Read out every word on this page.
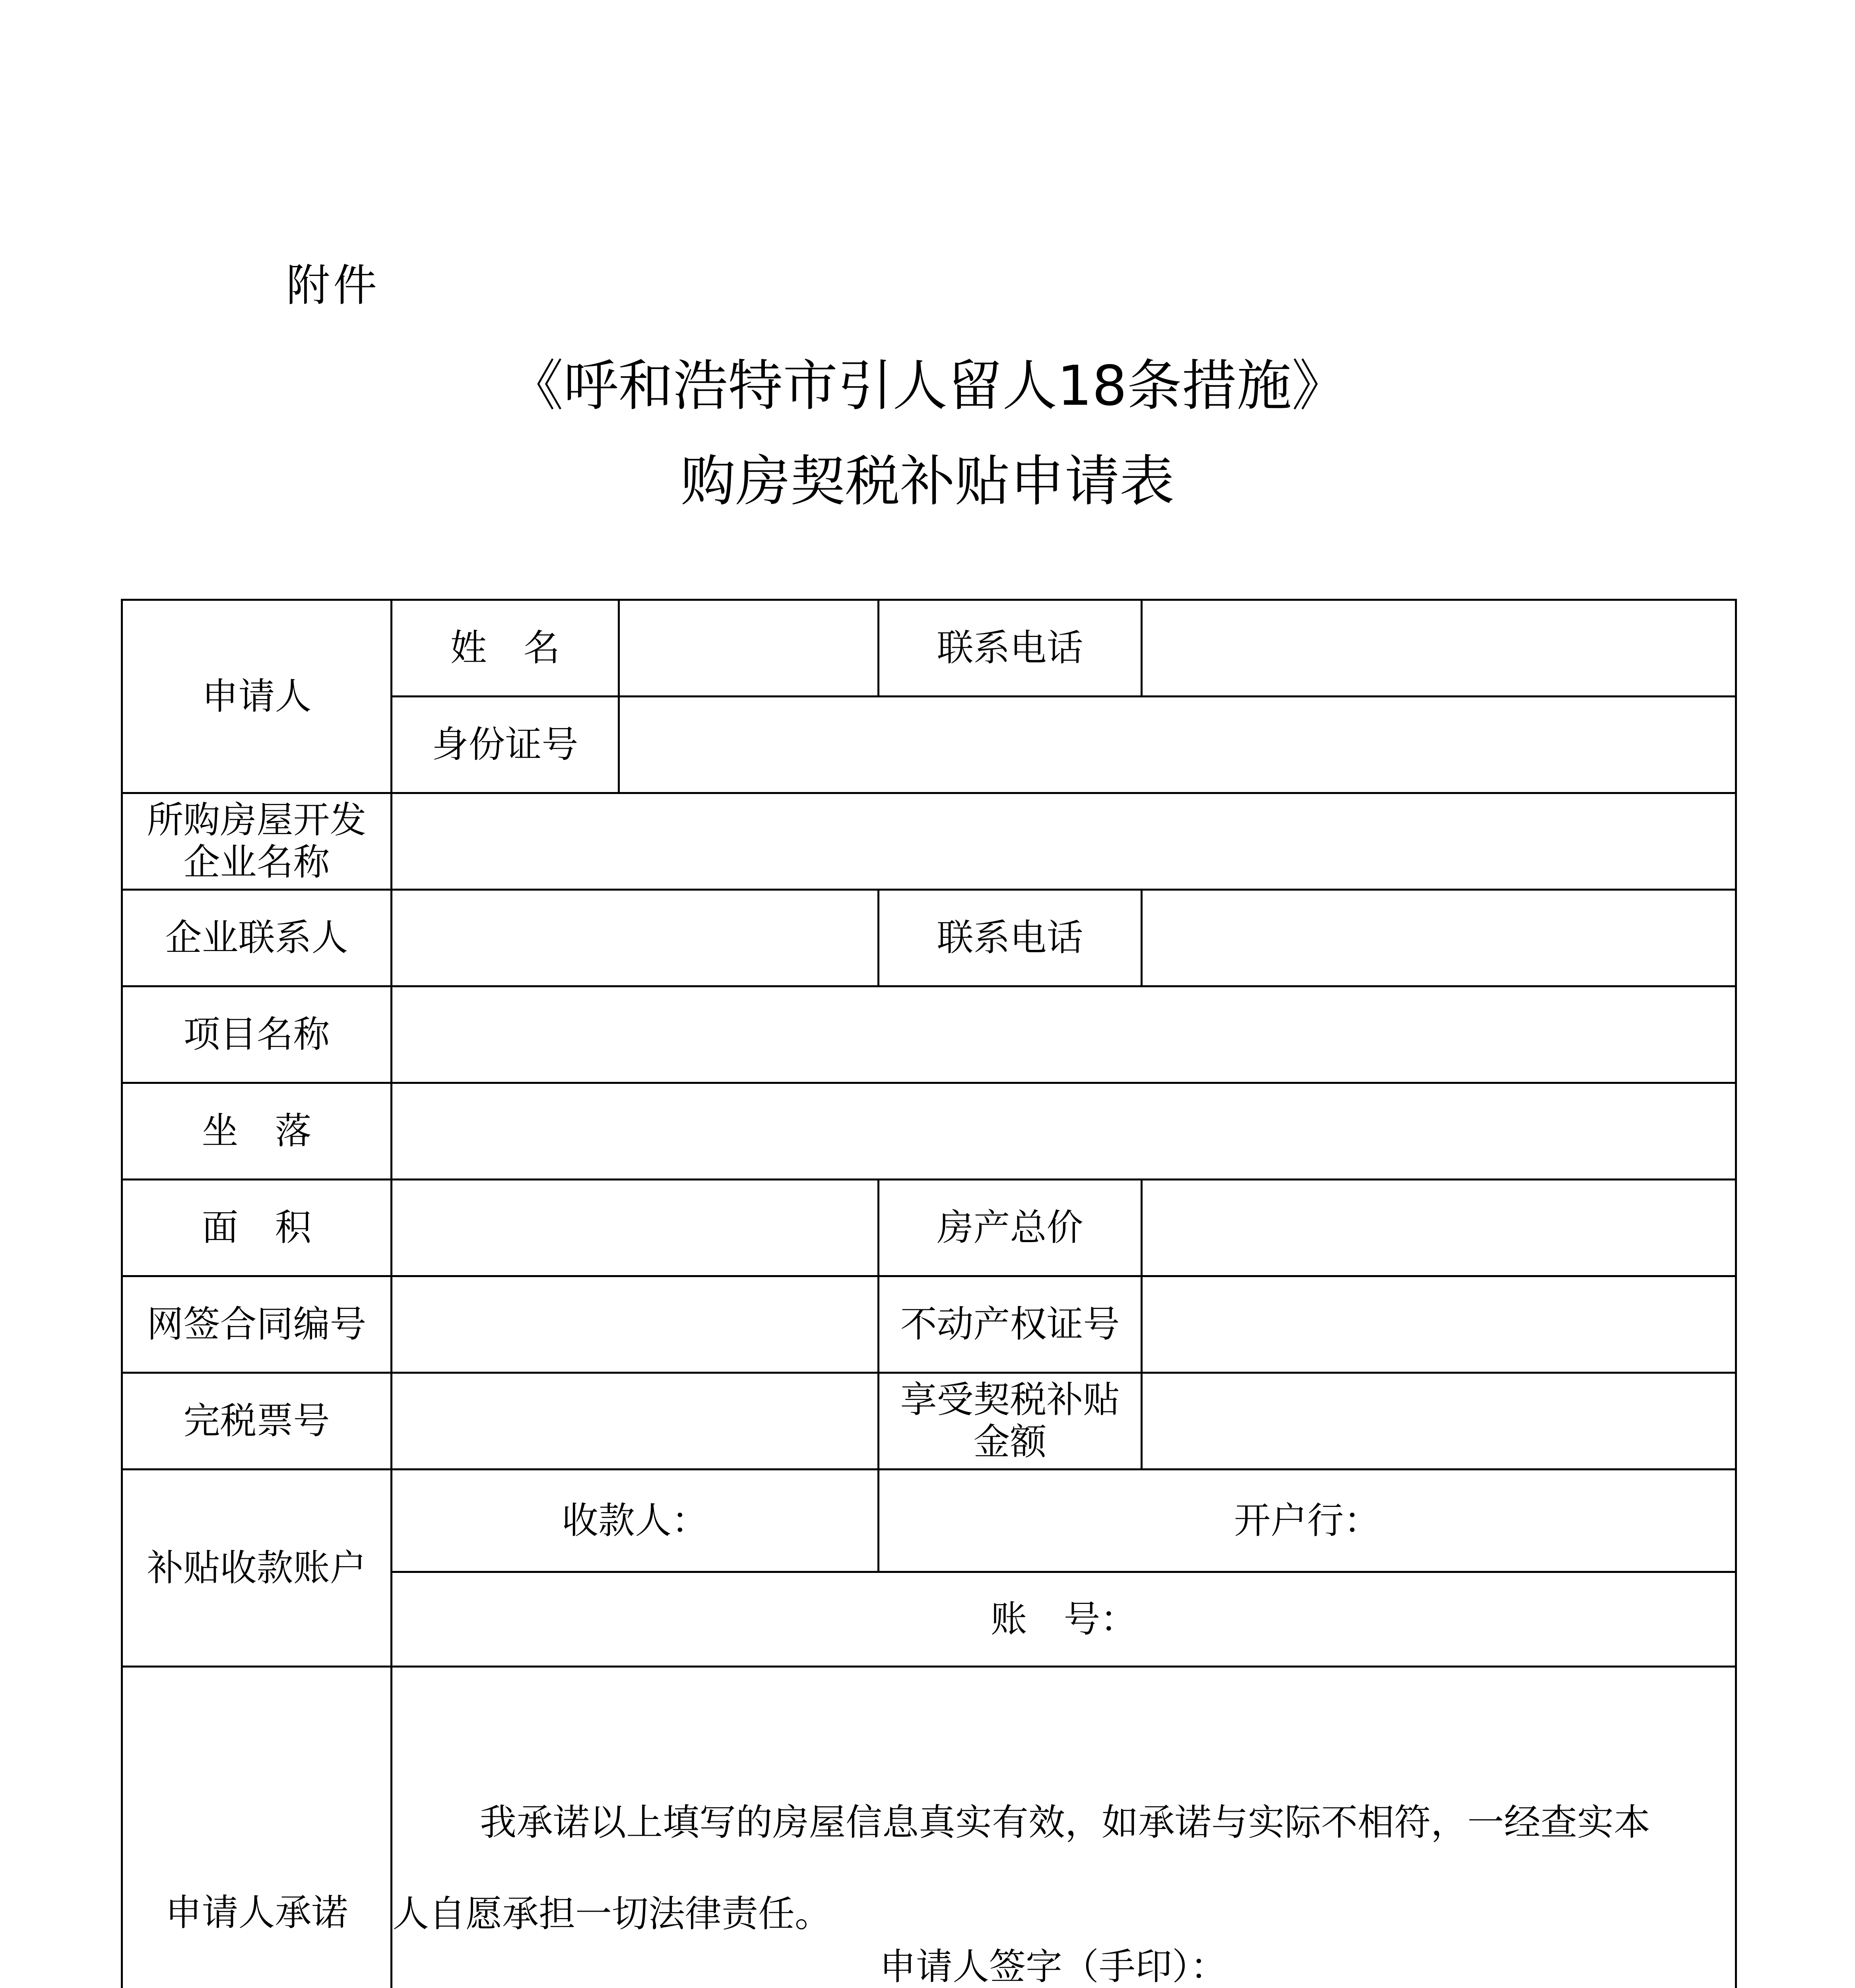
附件
《呼和浩特市引人留人18条措施》
购房契税补贴申请表
申请人	姓　名		联系电话	
	身份证号			
所购房屋开发企业名称				
企业联系人			联系电话	
项目名称				
坐　落				
面　积			房产总价	
网签合同编号			不动产权证号	
完税票号			享受契税补贴金额	
补贴收款账户	收款人：		开户行：	
	账　号：			
申请人承诺	我承诺以上填写的房屋信息真实有效，如承诺与实际不相符，一经查实本
人自愿承担一切法律责任。
申请人签字（手印）：			
